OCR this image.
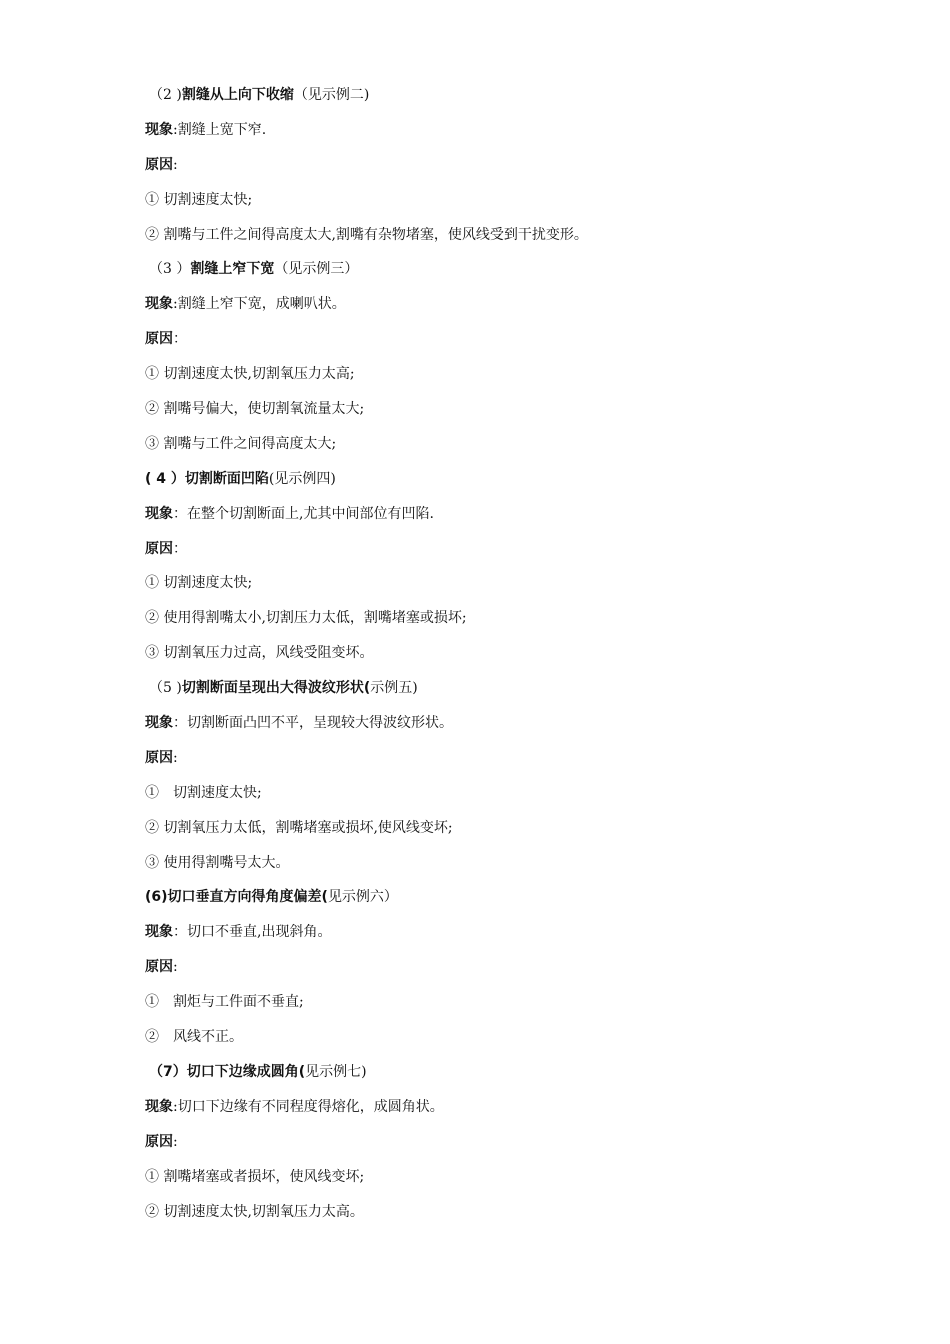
（2 )割缝从上向下收缩（见示例二)
现象:割缝上宽下窄.
原因:
① 切割速度太快;
② 割嘴与工件之间得高度太大,割嘴有杂物堵塞，使风线受到干扰变形。
（3 ）割缝上窄下宽（见示例三）
现象:割缝上窄下宽，成喇叭状。
原因：
① 切割速度太快,切割氧压力太高;
② 割嘴号偏大，使切割氧流量太大;
③ 割嘴与工件之间得高度太大;
( 4 ）切割断面凹陷(见示例四)
现象：在整个切割断面上,尤其中间部位有凹陷.
原因：
① 切割速度太快;
② 使用得割嘴太小,切割压力太低，割嘴堵塞或损坏;
③ 切割氧压力过高，风线受阻变坏。
（5 )切割断面呈现出大得波纹形状(示例五)
现象：切割断面凸凹不平，呈现较大得波纹形状。
原因:
①　切割速度太快;
② 切割氧压力太低，割嘴堵塞或损坏,使风线变坏;
③ 使用得割嘴号太大。
(6)切口垂直方向得角度偏差(见示例六）
现象：切口不垂直,出现斜角。
原因:
①　割炬与工件面不垂直;
②　风线不正。
（7）切口下边缘成圆角(见示例七)
现象:切口下边缘有不同程度得熔化，成圆角状。
原因:
① 割嘴堵塞或者损坏，使风线变坏;
② 切割速度太快,切割氧压力太高。
